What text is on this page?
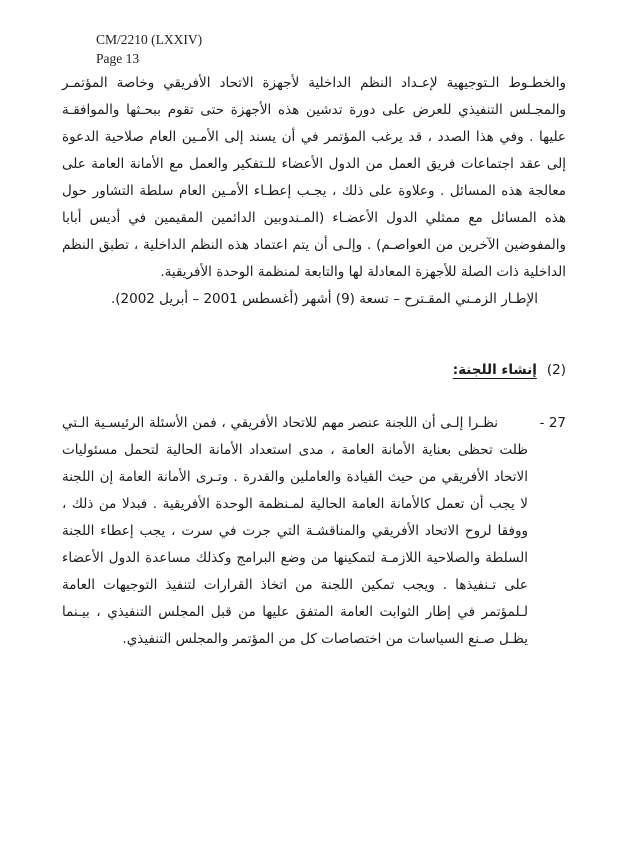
CM/2210 (LXXIV)
Page 13

والخطـوط الـتوجيهية لإعـداد النظم الداخلية لأجهزة الاتحاد الأفريقي وخاصة المؤتمـر والمجـلس التنفيذي للعرض على دورة تدشين هذه الأجهزة حتى تقوم ببحـثها والموافقـة عليها . وفي هذا الصدد ، قد يرغب المؤتمر في أن يسند إلى الأمـين العام صلاحية الدعوة إلى عقد اجتماعات فريق العمل من الدول الأعضاء للـتفكير والعمل مع الأمانة العامة على معالجة هذه المسائل . وعلاوة على ذلك ، يجـب إعطـاء الأمـين العام سلطة التشاور حول هذه المسائل مع ممثلي الدول الأعضـاء (المـندوبين الدائمين المقيمين في أديس أبابا والمفوضين الآخرين من العواصـم) . وإلـى أن يتم اعتماد هذه النظم الداخلية ، تطبق النظم الداخلية ذات الصلة للأجهزة المعادلة لها والتابعة لمنظمة الوحدة الأفريقية.

الإطـار الزمـني المقـترح – تسعة (9) أشهر (أغسطس 2001 – أبريل 2002).

(2)
إنشاء اللجنة:
27 -

نظـرا إلـى أن اللجنة عنصر مهم للاتحاد الأفريقي ، فمن الأسئلة الرئيسـية الـتي ظلت تحظى بعناية الأمانة العامة ، مدى استعداد الأمانة الحالية لتحمل مسئوليات الاتحاد الأفريقي من حيث القيادة والعاملين والقدرة . وتـرى الأمانة العامة إن اللجنة لا يجب أن تعمل كالأمانة العامة الحالية لمـنظمة الوحدة الأفريقية . فبدلا من ذلك ، ووفقا لروح الاتحاد الأفريقي والمناقشـة التي جرت في سرت ، يجب إعطاء اللجنة السلطة والصلاحية اللازمـة لتمكينها من وضع البرامج وكذلك مساعدة الدول الأعضاء على تـنفيذها . ويجب تمكين اللجنة من اتخاذ القرارات لتنفيذ التوجيهات العامة لـلمؤتمر في إطار الثوابت العامة المتفق عليها من قبل المجلس التنفيذي ، بيـنما يظـل صـنع السياسات من اختصاصات كل من المؤتمر والمجلس التنفيذي.
